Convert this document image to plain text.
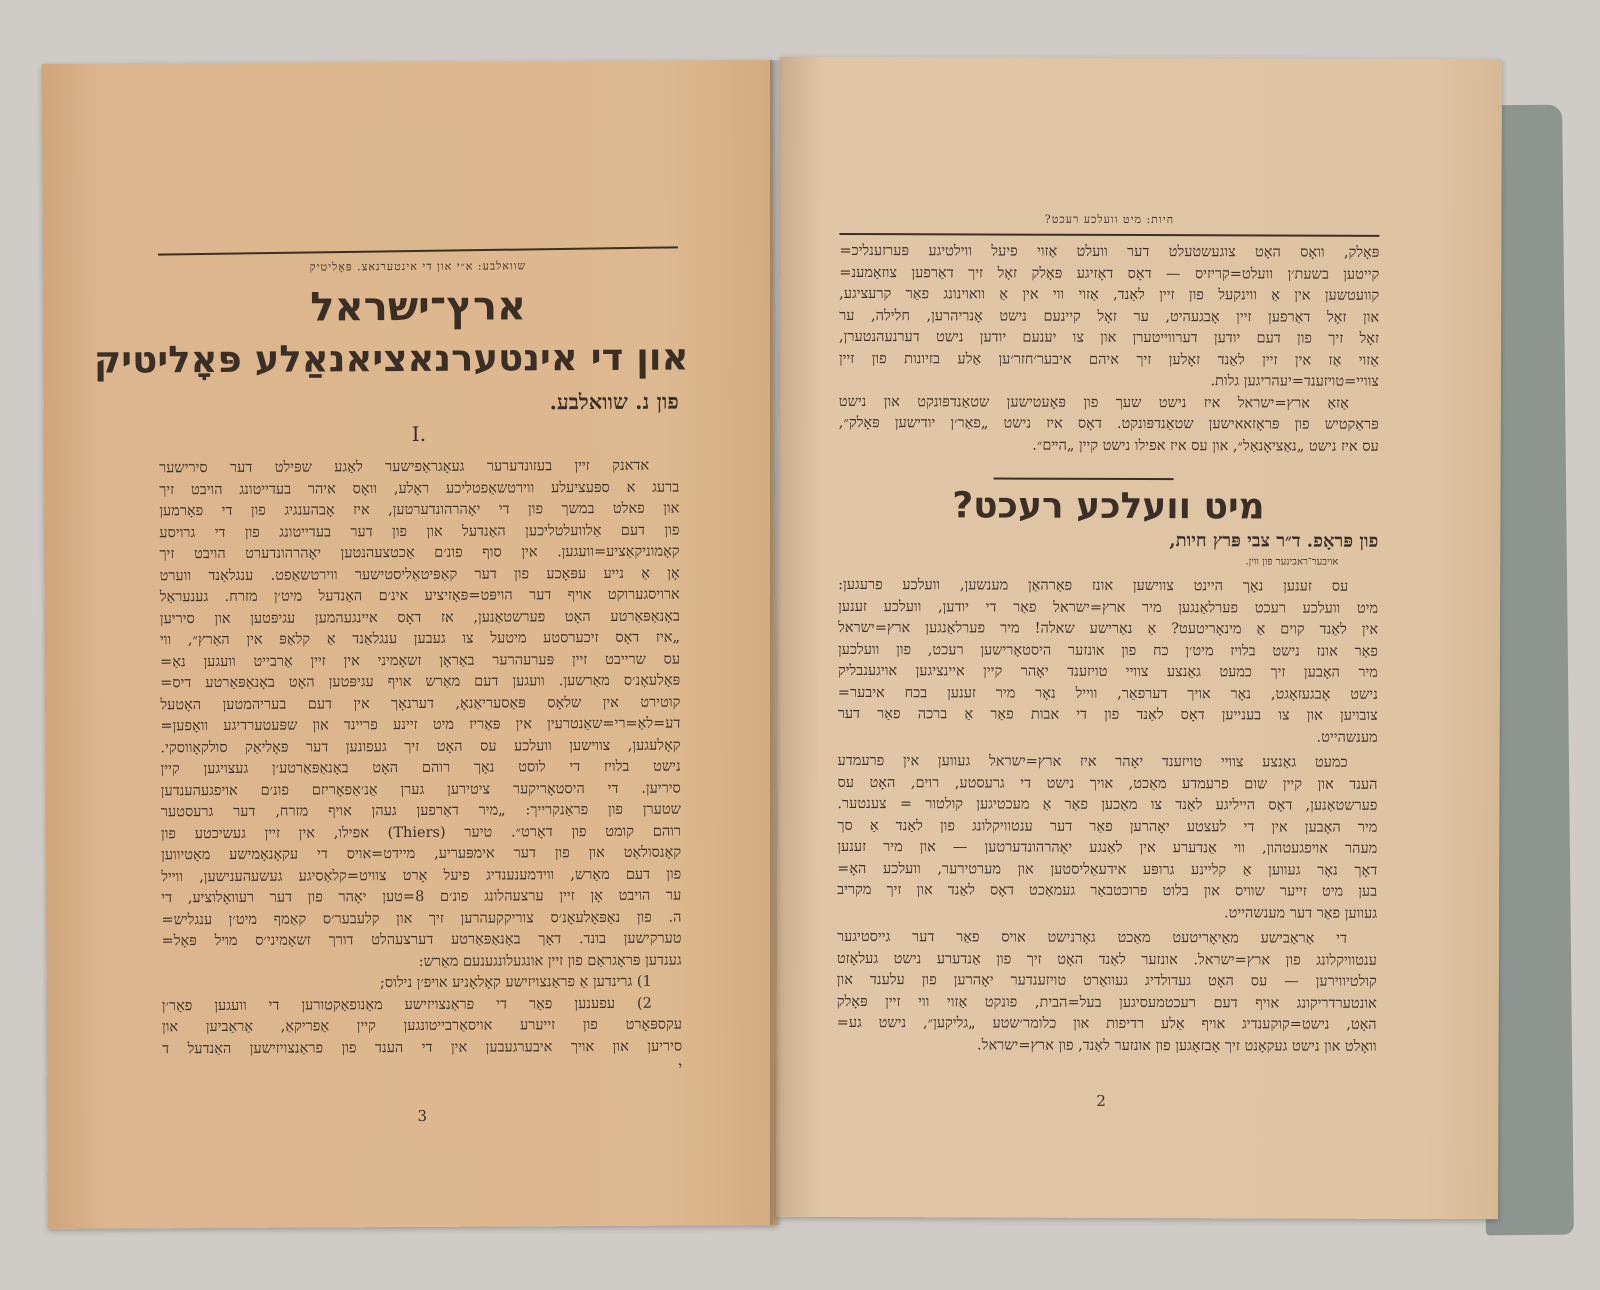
שוואלבע: א״י און די אינטערנאצ. פּאָליטיק
ארץ־ישראל
און די אינטערנאציאנאַלע פּאָליטיק
פון נ. שוואלבע.
I.
אדאנק זיין בעזונדערער געאָגראַפישער לאַגע שפּילט דער סירישער
ברעג א ספּעציעלע ווירטשאַפטליכע ראָלע, וואָס איהר בעדייטונג הויבט זיך
און פאלט במשך פון די יאָהרהונדערטען, איז אָבהענגיג פון די פאָרמען
פון דעם אַלוועלטליכען האַנדעל און פון דער בעדייטונג פון די גרויסע
קאָמוניקאַציע=וועגען. אין סוף פונ׳ם אַכטצעהנטען יאָהרהונדערט הויבט זיך
אָן אַ נייע עפּאָכע פון דער קאַפּיטאַליסטישער ווירטשאַפט. ענגלאַנד ווערט
ארויסגערוקט אויף דער הויפּט=פּאָזיציע אינ׳ם האַנדעל מיט׳ן מזרח. גענעראַל
באָנאַפּאַרטע האָט פערשטאַנען, אז דאָס איינגעהמען עגיפּטען און סיריען
„איז דאָס זיכערסטע מיטעל צו געבען ענגלאַנד אַ קלאַפּ אין האַרץ״, ווי
עס שרייבט זיין פּערעהרער באַראָן זשאָמיני אין זיין אַרבייט וועגען נאַ=
פּאָלעאָנ׳ס מאַרשען. וועגען דעם מאַרש אויף עגיפּטען האָט באָנאַפּאַרטע דיס=
קוטירט אין שלאָס פּאַסעריאַנאָ, דערנאָך אין דעם בעריהמטען האָטעל
דע=לאַ=רי=שאַנטרעין אין פּאַריז מיט זיינע פריינד און שפּעטערדיגע וואָפען=
קאָלעגען, צווישען וועלכע עס האָט זיך געפונען דער פּאָליאַק סולקאָווסקי.
נישט בלויז די לוסט נאָך רוהם האָט באָנאַפּאַרטע׳ן געצויגען קיין
סיריען. די היסטאָריקער ציטירען גערן אַנ׳אַפאָריזם פונ׳ם אויפגעהענדען
שטערן פון פראַנקרייך: „מיר דאַרפען געהן אויף מזרח, דער גרעסטער
רוהם קומט פון דאָרט״. טיער (Thiers) אפילו, אין זיין געשיכטע פון
קאָנסולאַט און פון דער אימפּעריע, מיידט=אויס די עקאָנאָמישע מאָטיווען
פון דעם מאַרש, ווידמענענדיג פיעל אָרט צוויט=קלאַסיגע געשעהענישען, ווייל
ער הויבט אָן זיין ערצעהלונג פונ׳ם 8=טען יאָהר פון דער רעוואָלוציע, די
ה. פון נאַפּאָלעאָנ׳ס צוריקקעהרען זיך און קלעבער׳ס קאַמף מיט׳ן ענגליש=
טערקישען בונד. דאָך באָנאַפּאַרטע דערצעהלט דורך זשאָמיני׳ס מויל פּאָל=
גענדען פּראָגראַם פון זיין אונגעלונגענעם מאַרש:
1) גרינדען אַ פראַנצויזישע קאָלאָניע אויפ׳ן נילוס;
2) עפענען פאַר די פראַנצויזישע מאַנופאַקטורען די וועגען פאַר׳ן
עקספּאָרט פון זייערע אויסאַרבייטונגען קיין אַפריקאַ, אַראַביען און
סיריען און אויך איבערגעבען אין די הענד פון פראַנצויזישען האַנדעל ד
י
3
חיות: מיט וועלכע רעכט?
פּאָלק, וואָס האָט צוגעשטעלט דער וועלט אַזוי פיעל ווילטיגע פּערזענליכ=
קייטען בשעת׳ן וועלט=קריזיס — דאָס דאָזיגע פּאָלק זאָל זיך דאַרפען צוזאַמענ=
קוועטשען אין אַ ווינקעל פון זיין לאַנד, אַזוי ווי אין אַ וואוינונג פאַר קרעציגע,
און זאָל דאַרפען זיין אָבגעהיט, ער זאָל קיינעם נישט אָנריהרען, חלילה, ער
זאָל זיך פון דעם יודען דערווייטערן און צו יענעם יודען נישט דערנעהנטערן,
אַזוי אַז אין זיין לאַנד זאָלען זיך איהם איבער׳חזר׳ען אַלע בזיונות פון זיין
צוויי=טויזענד=יעהריגען גלות.
אַזאַ ארץ=ישראל איז נישט שעך פון פּאָעטישען שטאַנדפּונקט און נישט
פּראַקטיש פון פּראָזאאישען שטאַנדפּונקט. דאָס איז נישט „פאַר׳ן יודישען פּאָלק״,
עס איז נישט „נאַציאָנאַל״, און עס איז אפילו נישט קיין „הײם״.
מיט וועלכע רעכט?
פון פּראָפ. ד״ר צבי פּרץ חיות,
אויבער־ראבינער פון ווין.
עס זענען נאָך היינט צווישען אונז פאַרהאַן מענשען, וועלכע פרעגען:
מיט וועלכע רעכט פערלאַנגען מיר ארץ=ישראל פאַר די יודען, וועלכע זענען
אין לאַנד קוים אַ מינאָריטעט? אַ נאַרישע שאלה! מיר פערלאַנגען ארץ=ישראל
פאַר אונז נישט בלויז מיט׳ן כח פון אונזער היסטאָרישען רעכט, פון וועלכען
מיר האָבען זיך כמעט גאַנצע צוויי טויזענד יאָהר קיין איינציגען אויגענבליק
נישט אָבגעזאָגט, נאָר אויך דערפאַר, ווייל נאָר מיר זענען בכח איבער=
צובויען און צו בענייען דאָס לאַנד פון די אבות פאַר אַ ברכה פאַר דער
מענשהייט.
כמעט גאַנצע צוויי טויזענד יאָהר איז ארץ=ישראל געווען אין פרעמדע
הענד און קיין שום פרעמדע מאַכט, אויך נישט די גרעסטע, רוים, האָט עס
פערשטאַנען, דאָס הייליגע לאַנד צו מאַכען פאַר אַ מעכטיגען קולטור = צענטער.
מיר האָבען אין די לעצטע יאָהרען פאַר דער ענטוויקלונג פון לאַנד אַ סך
מעהר אויפגעטהון, ווי אַנדערע אין לאַנגע יאָהרהונדערטען — און מיר זענען
דאָך נאָר געווען אַ קליינע גרופּע אידעאַליסטען און מערטירער, וועלכע האָ=
בען מיט זייער שוויס און בלוט פרוכטבאַר געמאַכט דאָס לאַנד און זיך מקריב
געווען פאַר דער מענשהייט.
די אַראַבישע מאַיאָריטעט מאַכט גאָרנישט אויס פאַר דער גייסטיגער
ענטוויקלונג פון ארץ=ישראל. אונזער לאַנד האָט זיך פון אַנדערע נישט געלאָזט
קולטיווירען — עס האָט געדולדיג געוואַרט טויזענדער יאָהרען פון עלענד און
אונטערדריקונג אויף דעם רעכטמעסיגען בעל=הבית, פונקט אַזוי ווי זיין פּאָלק
האָט, נישט=קוקענדיג אויף אַלע רדיפות און כלומר׳שטע „גליקען״, נישט גע=
וואָלט און נישט געקאָנט זיך אָבזאָגען פון אונזער לאַנד, פון ארץ=ישראל.
2
